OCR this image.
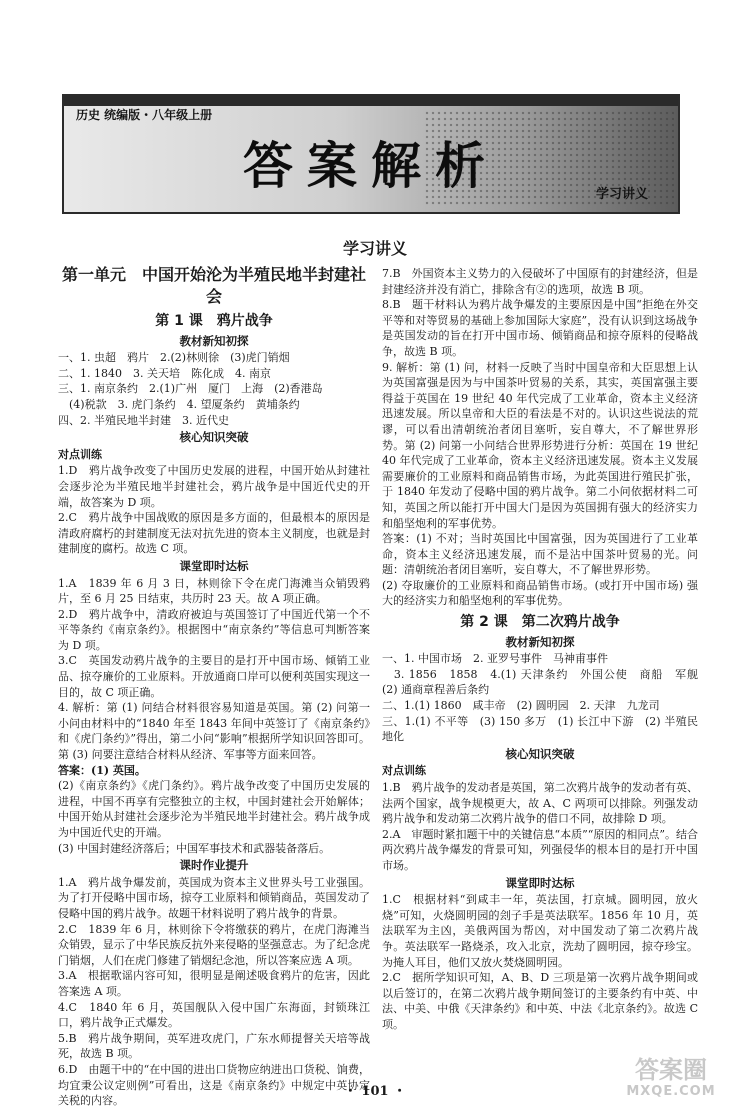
历史 统编版・八年级上册
答案解析	学习讲义
学习讲义
第一单元　中国开始沦为半殖民地半封建社会
第 1 课　鸦片战争
教材新知初探

一、1. 虫超　鸦片　2.(2)林则徐　(3)虎门销烟

二、1. 1840　3. 关天培　陈化成　4. 南京

三、1. 南京条约　2.(1)广州　厦门　上海　(2)香港岛

　(4)税款　3. 虎门条约　4. 望厦条约　黄埔条约

四、2. 半殖民地半封建　3. 近代史

核心知识突破
对点训练

1.D　鸦片战争改变了中国历史发展的进程，中国开始从封建社会逐步沦为半殖民地半封建社会，鸦片战争是中国近代史的开端，故答案为 D 项。

2.C　鸦片战争中国战败的原因是多方面的，但最根本的原因是清政府腐朽的封建制度无法对抗先进的资本主义制度，也就是封建制度的腐朽。故选 C 项。

课堂即时达标

1.A　1839 年 6 月 3 日，林则徐下令在虎门海滩当众销毁鸦片，至 6 月 25 日结束，共历时 23 天。故 A 项正确。

2.D　鸦片战争中，清政府被迫与英国签订了中国近代第一个不平等条约《南京条约》。根据图中“南京条约”等信息可判断答案为 D 项。

3.C　英国发动鸦片战争的主要目的是打开中国市场、倾销工业品、掠夺廉价的工业原料。开放通商口岸可以便利英国实现这一目的，故 C 项正确。

4. 解析：第 (1) 问结合材料很容易知道是英国。第 (2) 问第一小问由材料中的“1840 年至 1843 年间中英签订了《南京条约》和《虎门条约》”得出，第二小问“影响”根据所学知识回答即可。第 (3) 问要注意结合材料从经济、军事等方面来回答。

答案：(1) 英国。

(2)《南京条约》《虎门条约》。鸦片战争改变了中国历史发展的进程，中国不再享有完整独立的主权，中国封建社会开始解体；中国开始从封建社会逐步沦为半殖民地半封建社会。鸦片战争成为中国近代史的开端。

(3) 中国封建经济落后；中国军事技术和武器装备落后。

课时作业提升

1.A　鸦片战争爆发前，英国成为资本主义世界头号工业强国。为了打开侵略中国市场，掠夺工业原料和倾销商品，英国发动了侵略中国的鸦片战争。故题干材料说明了鸦片战争的背景。

2.C　1839 年 6 月，林则徐下令将缴获的鸦片，在虎门海滩当众销毁，显示了中华民族反抗外来侵略的坚强意志。为了纪念虎门销烟，人们在虎门修建了销烟纪念池，所以答案应选 A 项。

3.A　根据歌谣内容可知，很明显是阐述吸食鸦片的危害，因此答案选 A 项。

4.C　1840 年 6 月，英国舰队入侵中国广东海面，封锁珠江口，鸦片战争正式爆发。

5.B　鸦片战争期间，英军进攻虎门，广东水师提督关天培等战死，故选 B 项。

6.D　由题干中的“在中国的进出口货物应纳进出口货税、饷费，均宜秉公议定则例”可看出，这是《南京条约》中规定中英协定关税的内容。

7.B　外国资本主义势力的入侵破坏了中国原有的封建经济，但是封建经济并没有消亡，排除含有②的选项，故选 B 项。

8.B　题干材料认为鸦片战争爆发的主要原因是中国“拒绝在外交平等和对等贸易的基础上参加国际大家庭”，没有认识到这场战争是英国发动的旨在打开中国市场、倾销商品和掠夺原料的侵略战争，故选 B 项。

9. 解析：第 (1) 问，材料一反映了当时中国皇帝和大臣思想上认为英国富强是因为与中国茶叶贸易的关系，其实，英国富强主要得益于英国在 19 世纪 40 年代完成了工业革命，资本主义经济迅速发展。所以皇帝和大臣的看法是不对的。认识这些说法的荒谬，可以看出清朝统治者闭目塞听，妄自尊大，不了解世界形势。第 (2) 问第一小问结合世界形势进行分析：英国在 19 世纪 40 年代完成了工业革命，资本主义经济迅速发展。资本主义发展需要廉价的工业原料和商品销售市场，为此英国进行殖民扩张，于 1840 年发动了侵略中国的鸦片战争。第二小问依据材料二可知，英国之所以能打开中国大门是因为英国拥有强大的经济实力和船坚炮利的军事优势。

答案：(1) 不对；当时英国比中国富强，因为英国进行了工业革命，资本主义经济迅速发展，而不是沾中国茶叶贸易的光。问题：清朝统治者闭目塞听，妄自尊大，不了解世界形势。

(2) 夺取廉价的工业原料和商品销售市场。(或打开中国市场) 强大的经济实力和船坚炮利的军事优势。

第 2 课　第二次鸦片战争
教材新知初探

一、1. 中国市场　2. 亚罗号事件　马神甫事件

　3. 1856　1858　4.(1) 天津条约　外国公使　商船　军舰　(2) 通商章程善后条约

二、1.(1) 1860　咸丰帝　(2) 圆明园　2. 天津　九龙司

三、1.(1) 不平等　(3) 150 多万　(1) 长江中下游　(2) 半殖民地化

核心知识突破
对点训练

1.B　鸦片战争的发动者是英国，第二次鸦片战争的发动者有英、法两个国家，战争规模更大，故 A、C 两项可以排除。列强发动鸦片战争和发动第二次鸦片战争的借口不同，故排除 D 项。

2.A　审题时紧扣题干中的关键信息“本质”“原因的相同点”。结合两次鸦片战争爆发的背景可知，列强侵华的根本目的是打开中国市场。

课堂即时达标

1.C　根据材料“到咸丰一年，英法国，打京城。圆明园，放火烧”可知，火烧圆明园的刽子手是英法联军。1856 年 10 月，英法联军为主凶，美俄两国为帮凶，对中国发动了第二次鸦片战争。英法联军一路烧杀，攻入北京，洗劫了圆明园，掠夺珍宝。为掩人耳目，他们又放火焚烧圆明园。

2.C　据所学知识可知，A、B、D 三项是第一次鸦片战争期间或以后签订的，在第二次鸦片战争期间签订的主要条约有中英、中法、中美、中俄《天津条约》和中英、中法《北京条约》。故选 C 项。

・ 101 ・
答案圈
MXQE.COM
